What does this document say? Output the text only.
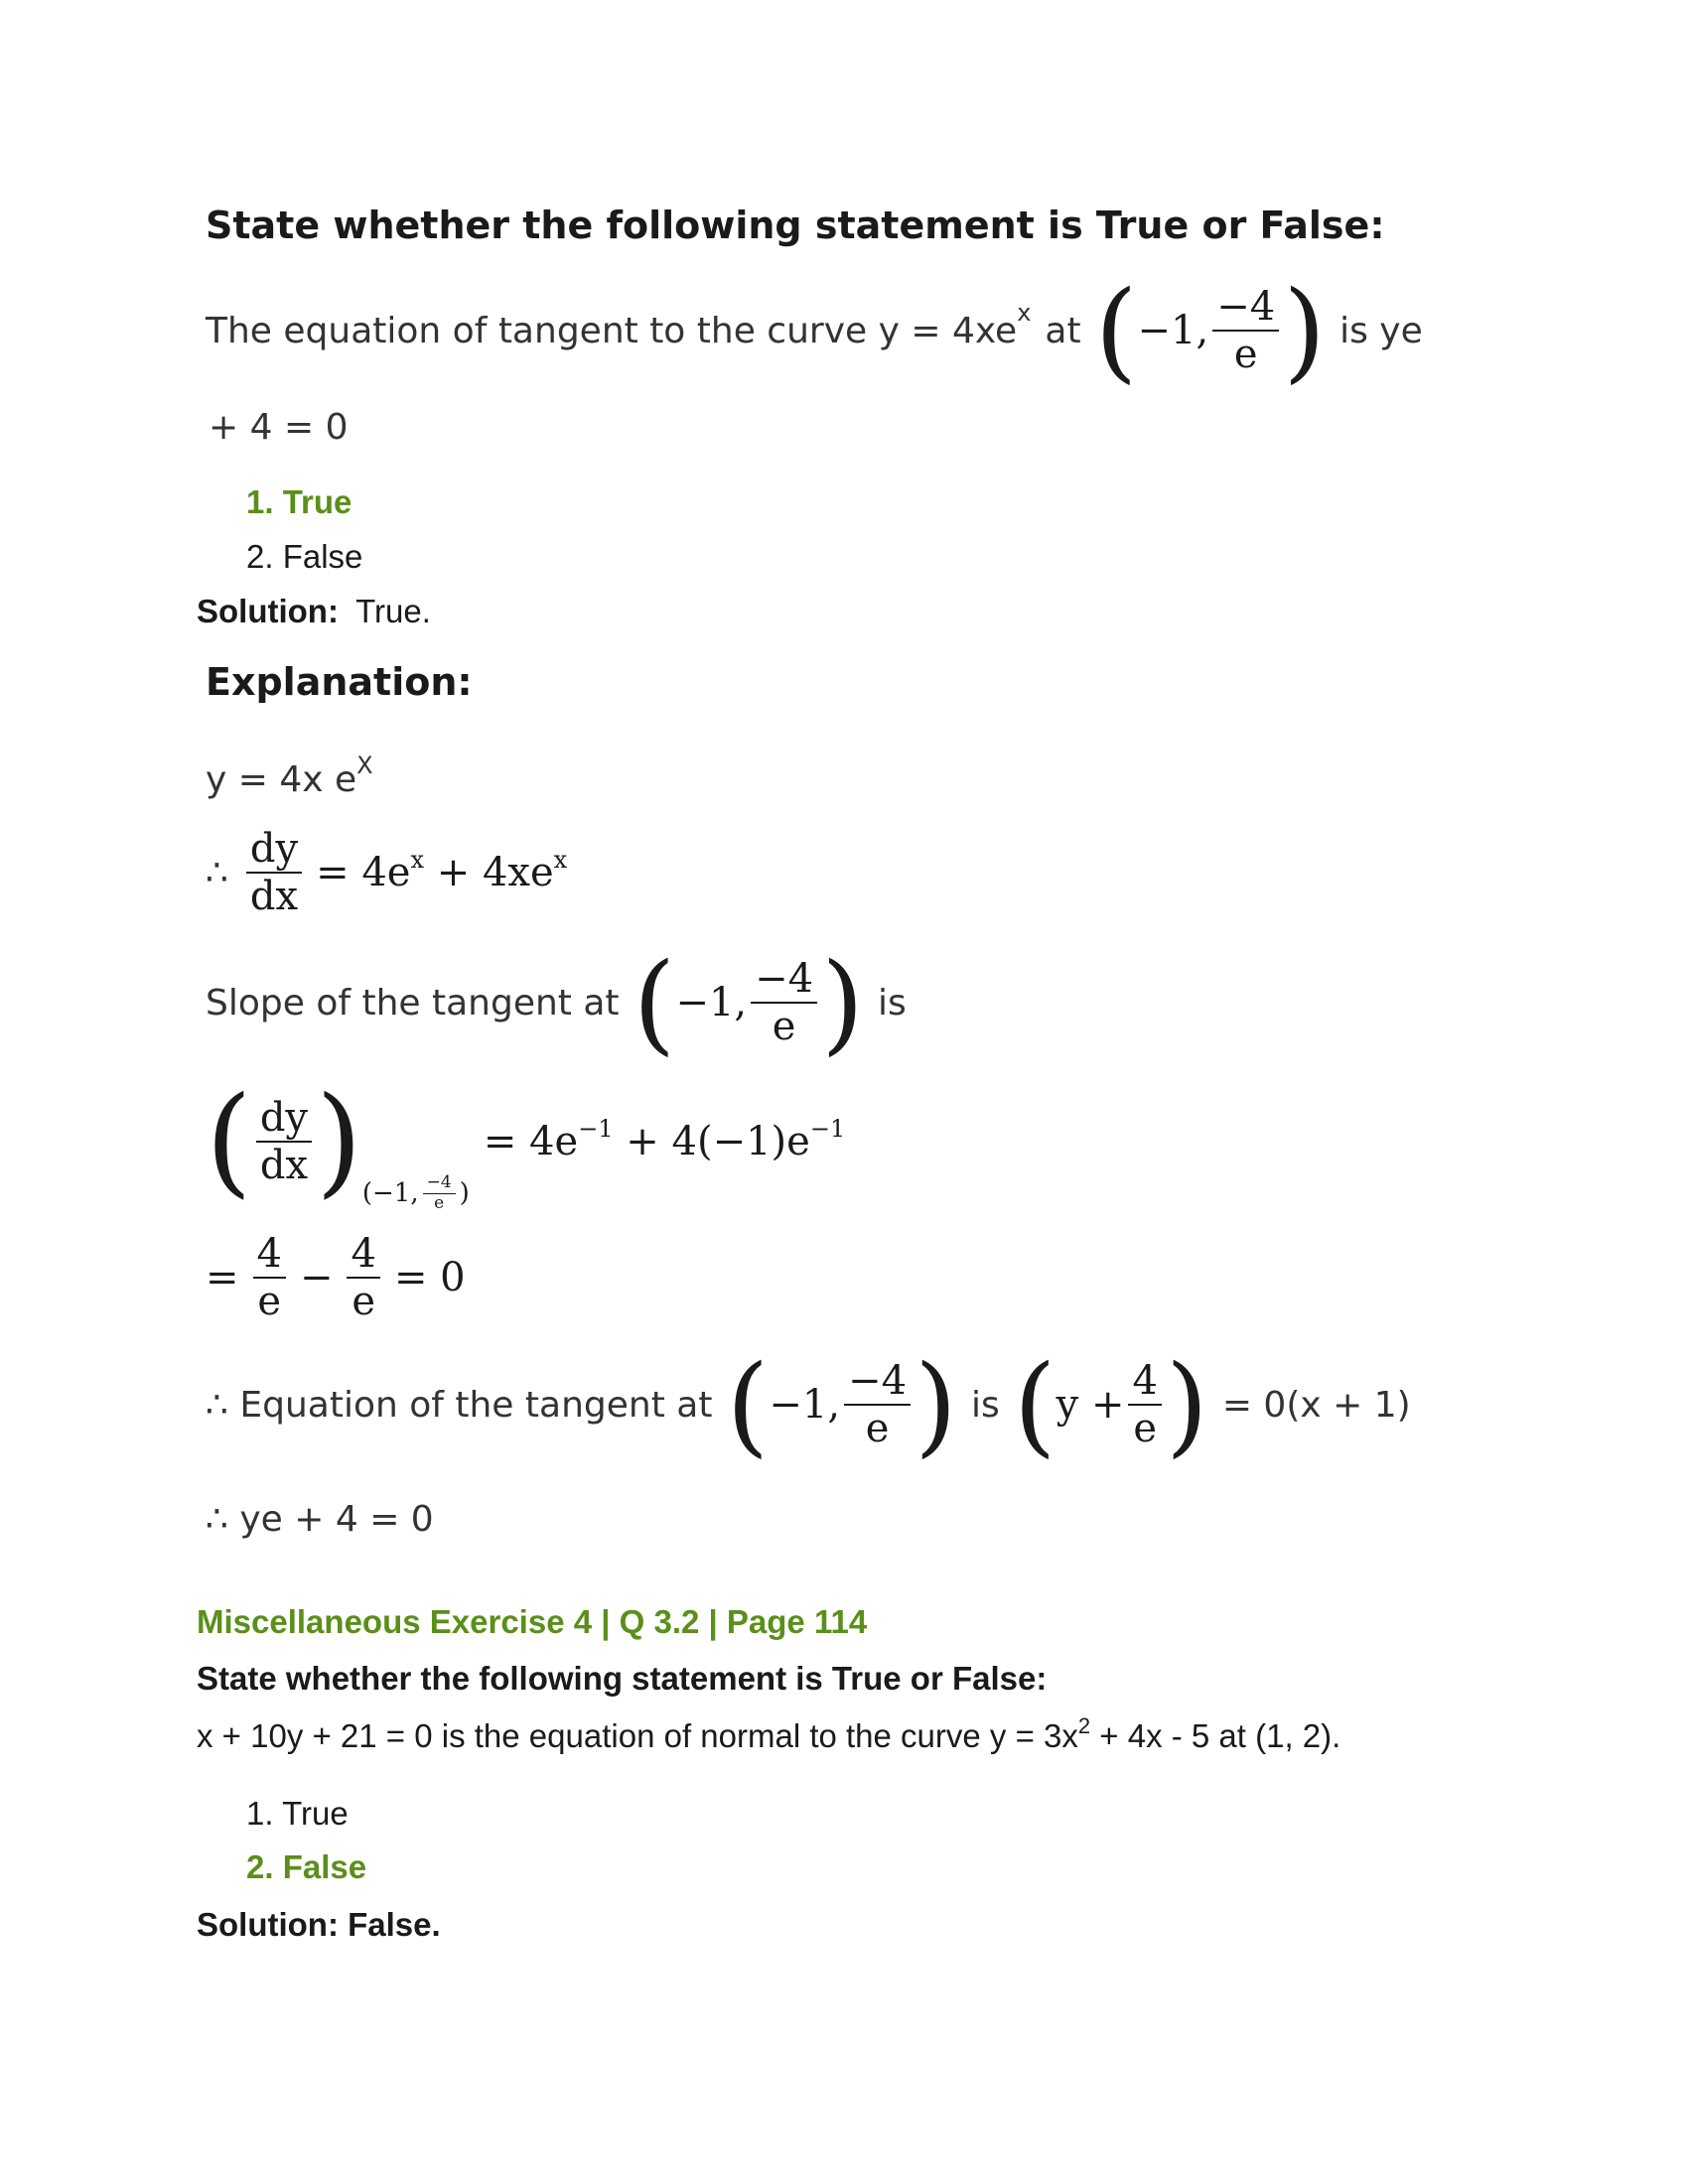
State whether the following statement is True or False:
The equation of tangent to the curve y = 4xe x at ( −1, $\frac{-4}{e}$ ) is ye
+ 4 = 0
1. True
2. False
Solution: True.
Explanation:
y = 4x eX
∴ $\frac{dy}{dx} = 4e^x + 4xe^x$
Slope of the tangent at ( −1, $\frac{-4}{e}$ ) is
( $\frac{dy}{dx}$ ) ( −1, $\frac{-4}{e}$ )
= $4e^{-1} + 4(-1)e^{-1}$
= $\frac{4}{e} - \frac{4}{e} = 0$
∴ Equation of the tangent at ( −1, $\frac{-4}{e}$ ) is ( $y + \frac{4}{e}$ ) = 0(x + 1)
∴ ye + 4 = 0
Miscellaneous Exercise 4 | Q 3.2 | Page 114
State whether the following statement is True or False:
x + 10y + 21 = 0 is the equation of normal to the curve $y = 3x^2 + 4x - 5$ at (1, 2).
1. True
2. False
Solution: False.
